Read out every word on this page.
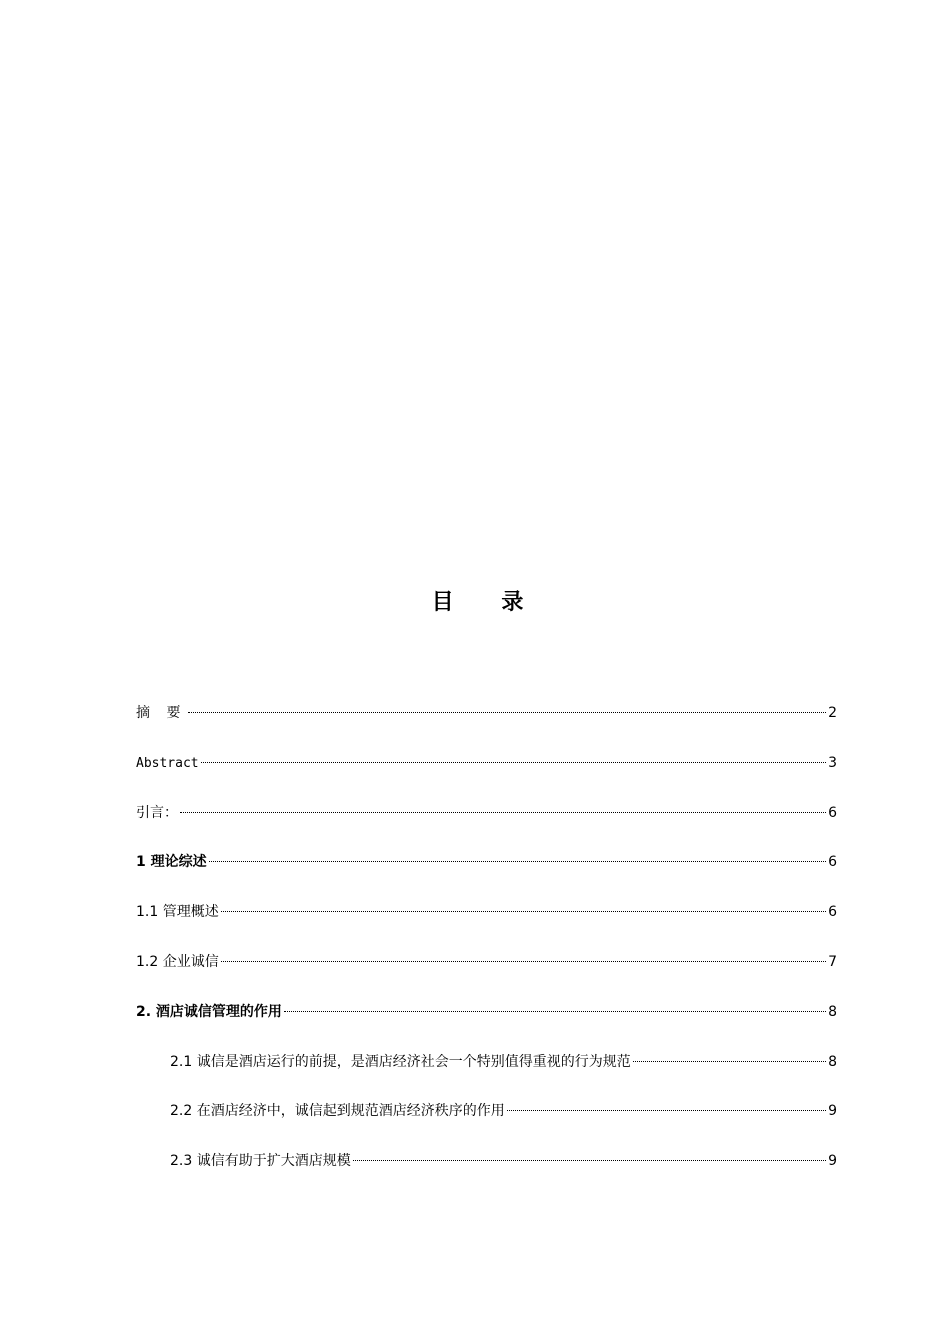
目 录
摘 要	2
Abstract	3
引言：	6
1 理论综述	6
1.1 管理概述	6
1.2 企业诚信	7
2. 酒店诚信管理的作用	8
2.1 诚信是酒店运行的前提，是酒店经济社会一个特别值得重视的行为规范	8
2.2 在酒店经济中，诚信起到规范酒店经济秩序的作用	9
2.3 诚信有助于扩大酒店规模	9
